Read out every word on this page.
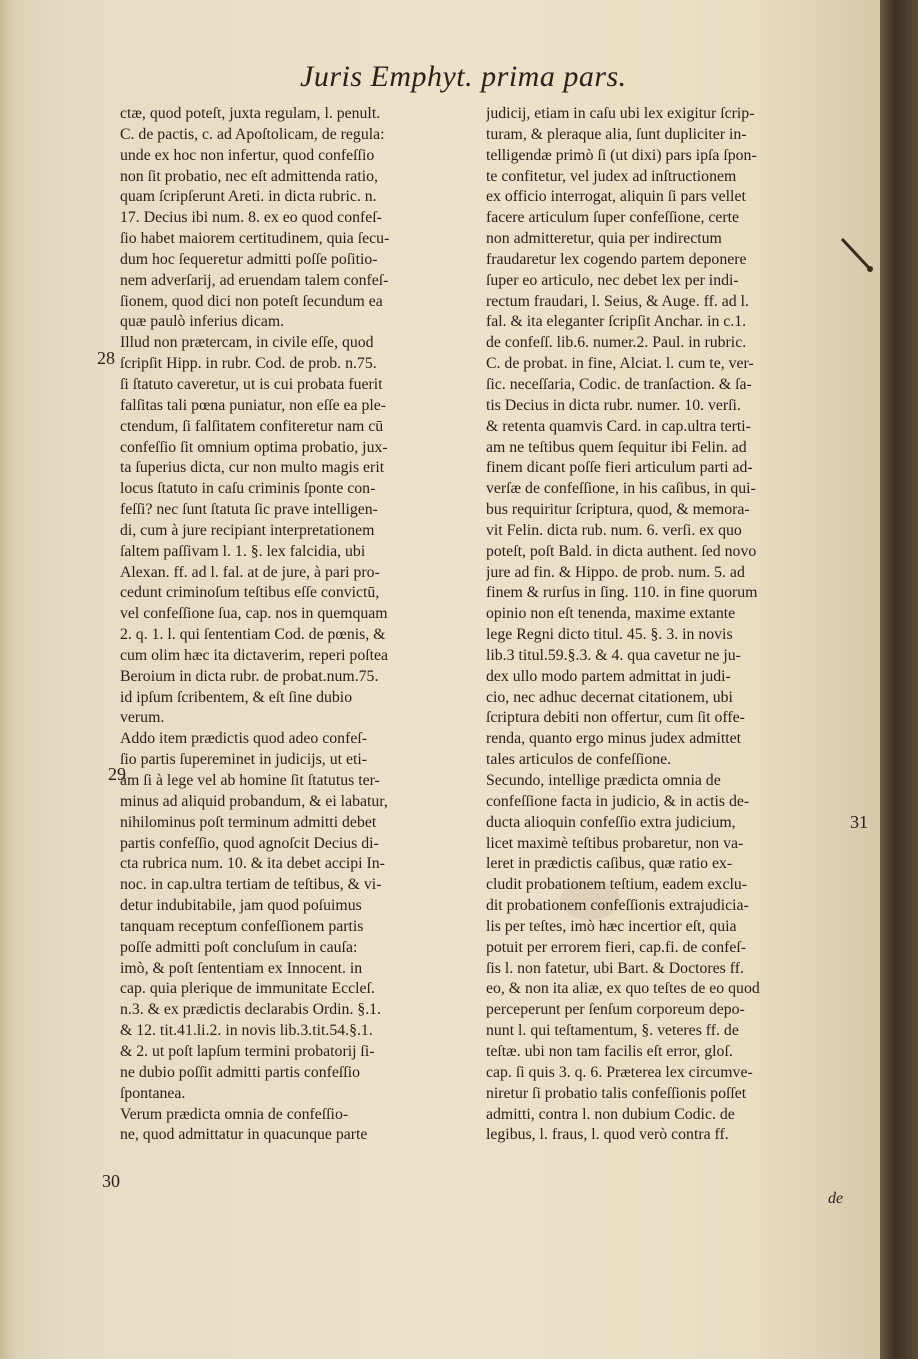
Juris Emphyt. prima pars.
ctæ, quod poteſt, juxta regulam, l. penult.
C. de pactis, c. ad Apoſtolicam, de regula:
unde ex hoc non infertur, quod confeſſio
non ſit probatio, nec eſt admittenda ratio,
quam ſcripſerunt Areti. in dicta rubric. n.
17. Decius ibi num. 8. ex eo quod confeſ-
ſio habet maiorem certitudinem, quia ſecu-
dum hoc ſequeretur admitti poſſe poſitio-
nem adverſarij, ad eruendam talem confeſ-
ſionem, quod dici non poteſt ſecundum ea
quæ paulò inferius dicam.
Illud non prætercam, in civile eſſe, quod
ſcripſit Hipp. in rubr. Cod. de prob. n.75.
ſi ſtatuto caveretur, ut is cui probata fuerit
falſitas tali pœna puniatur, non eſſe ea ple-
ctendum, ſi falſitatem confiteretur nam cū
confeſſio ſit omnium optima probatio, jux-
ta ſuperius dicta, cur non multo magis erit
locus ſtatuto in caſu criminis ſponte con-
feſſi? nec ſunt ſtatuta ſic prave intelligen-
di, cum à jure recipiant interpretationem
ſaltem paſſivam l. 1. §. lex falcidia, ubi
Alexan. ff. ad l. fal. at de jure, à pari pro-
cedunt criminoſum teſtibus eſſe convictū,
vel confeſſione ſua, cap. nos in quemquam
2. q. 1. l. qui ſententiam Cod. de pœnis, &
cum olim hæc ita dictaverim, reperi poſtea
Beroium in dicta rubr. de probat.num.75.
id ipſum ſcribentem, & eſt ſine dubio
verum.
Addo item prædictis quod adeo confeſ-
ſio partis ſupereminet in judicijs, ut eti-
am ſi à lege vel ab homine ſit ſtatutus ter-
minus ad aliquid probandum, & ei labatur,
nihilominus poſt terminum admitti debet
partis confeſſio, quod agnoſcit Decius di-
cta rubrica num. 10. & ita debet accipi In-
noc. in cap.ultra tertiam de teſtibus, & vi-
detur indubitabile, jam quod poſuimus
tanquam receptum confeſſionem partis
poſſe admitti poſt concluſum in cauſa:
imò, & poſt ſententiam ex Innocent. in
cap. quia plerique de immunitate Eccleſ.
n.3. & ex prædictis declarabis Ordin. §.1.
& 12. tit.41.li.2. in novis lib.3.tit.54.§.1.
& 2. ut poſt lapſum termini probatorij ſi-
ne dubio poſſit admitti partis confeſſio
ſpontanea.
Verum prædicta omnia de confeſſio-
ne, quod admittatur in quacunque parte
judicij, etiam in caſu ubi lex exigitur ſcrip-
turam, & pleraque alia, ſunt dupliciter in-
telligendæ primò ſi (ut dixi) pars ipſa ſpon-
te confitetur, vel judex ad inſtructionem
ex officio interrogat, aliquin ſi pars vellet
facere articulum ſuper confeſſione, certe
non admitteretur, quia per indirectum
fraudaretur lex cogendo partem deponere
ſuper eo articulo, nec debet lex per indi-
rectum fraudari, l. Seius, & Auge. ff. ad l.
fal. & ita eleganter ſcripſit Anchar. in c.1.
de confeſſ. lib.6. numer.2. Paul. in rubric.
C. de probat. in fine, Alciat. l. cum te, ver-
ſic. neceſſaria, Codic. de tranſaction. & ſa-
tis Decius in dicta rubr. numer. 10. verſi.
& retenta quamvis Card. in cap.ultra terti-
am ne teſtibus quem ſequitur ibi Felin. ad
finem dicant poſſe fieri articulum parti ad-
verſæ de confeſſione, in his caſibus, in qui-
bus requiritur ſcriptura, quod, & memora-
vit Felin. dicta rub. num. 6. verſi. ex quo
poteſt, poſt Bald. in dicta authent. ſed novo
jure ad fin. & Hippo. de prob. num. 5. ad
finem & rurſus in ſing. 110. in fine quorum
opinio non eſt tenenda, maxime extante
lege Regni dicto titul. 45. §. 3. in novis
lib.3 titul.59.§.3. & 4. qua cavetur ne ju-
dex ullo modo partem admittat in judi-
cio, nec adhuc decernat citationem, ubi
ſcriptura debiti non offertur, cum ſit offe-
renda, quanto ergo minus judex admittet
tales articulos de confeſſione.
Secundo, intellige prædicta omnia de
confeſſione facta in judicio, & in actis de-
ducta alioquin confeſſio extra judicium,
licet maximè teſtibus probaretur, non va-
leret in prædictis caſibus, quæ ratio ex-
cludit probationem teſtium, eadem exclu-
dit probationem confeſſionis extrajudicia-
lis per teſtes, imò hæc incertior eſt, quia
potuit per errorem fieri, cap.fi. de confeſ-
ſis l. non fatetur, ubi Bart. & Doctores ff.
eo, & non ita aliæ, ex quo teſtes de eo quod
perceperunt per ſenſum corporeum depo-
nunt l. qui teſtamentum, §. veteres ff. de
teſtæ. ubi non tam facilis eſt error, gloſ.
cap. ſi quis 3. q. 6. Præterea lex circumve-
niretur ſi probatio talis confeſſionis poſſet
admitti, contra l. non dubium Codic. de
legibus, l. fraus, l. quod verò contra ff.
28
29
30
31
de
